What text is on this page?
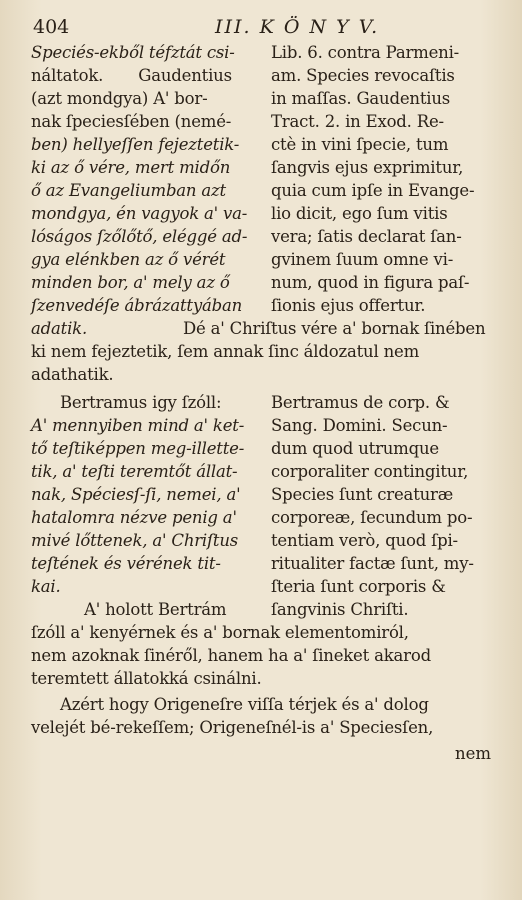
404	III. K Ö N Y V.
Speciés-ekből téfztát csi-
náltatok. Gaudentius
(azt mondgya) A' bor-
nak ſpeciesſében (nemé-
ben) hellyeſſen fejeztetik-
ki az ő vére, mert midőn
ő az Evangeliumban azt
mondgya, én vagyok a' va-
lóságos ſzőlőtő, eléggé ad-
gya elénkben az ő vérét
minden bor, a' mely az ő
ſzenvedéſe ábrázattyában
adatik.
Lib. 6. contra Parmeni-
am. Species revocaſtis
in maſſas. Gaudentius
Tract. 2. in Exod. Re-
ctè in vini ſpecie, tum
ſangvis ejus exprimitur,
quia cum ipſe in Evange-
lio dicit, ego ſum vitis
vera; ſatis declarat ſan-
gvinem ſuum omne vi-
num, quod in figura paſ-
ſionis ejus offertur.
Dé a' Chriſtus vére a' bornak ſinében
ki nem fejeztetik, ſem annak ſinc áldozatul nem
adathatik.
Bertramus igy ſzóll:
A' mennyiben mind a' ket-
tő teſtiképpen meg-illette-
tik, a' teſti teremtőt állat-
nak, Spéciesſ-ſi, nemei, a'
hatalomra nézve penig a'
mivé lőttenek, a' Chriſtus
teſtének és vérének tit-
kai.
Bertramus de corp. &
Sang. Domini. Secun-
dum quod utrumque
corporaliter contingitur,
Species ſunt creaturæ
corporeæ, ſecundum po-
tentiam verò, quod ſpi-
ritualiter factæ ſunt, my-
ſteria ſunt corporis &
ſangvinis Chriſti.
A' holott Bertrám
ſzóll a' kenyérnek és a' bornak elementomiról,
nem azoknak ſinéről, hanem ha a' ſineket akarod
teremtett állatokká csinálni.
Azért hogy Origeneſre viſſa térjek és a' dolog
velejét bé-rekeſſem; Origeneſnél-is a' Speciesſen,
nem
